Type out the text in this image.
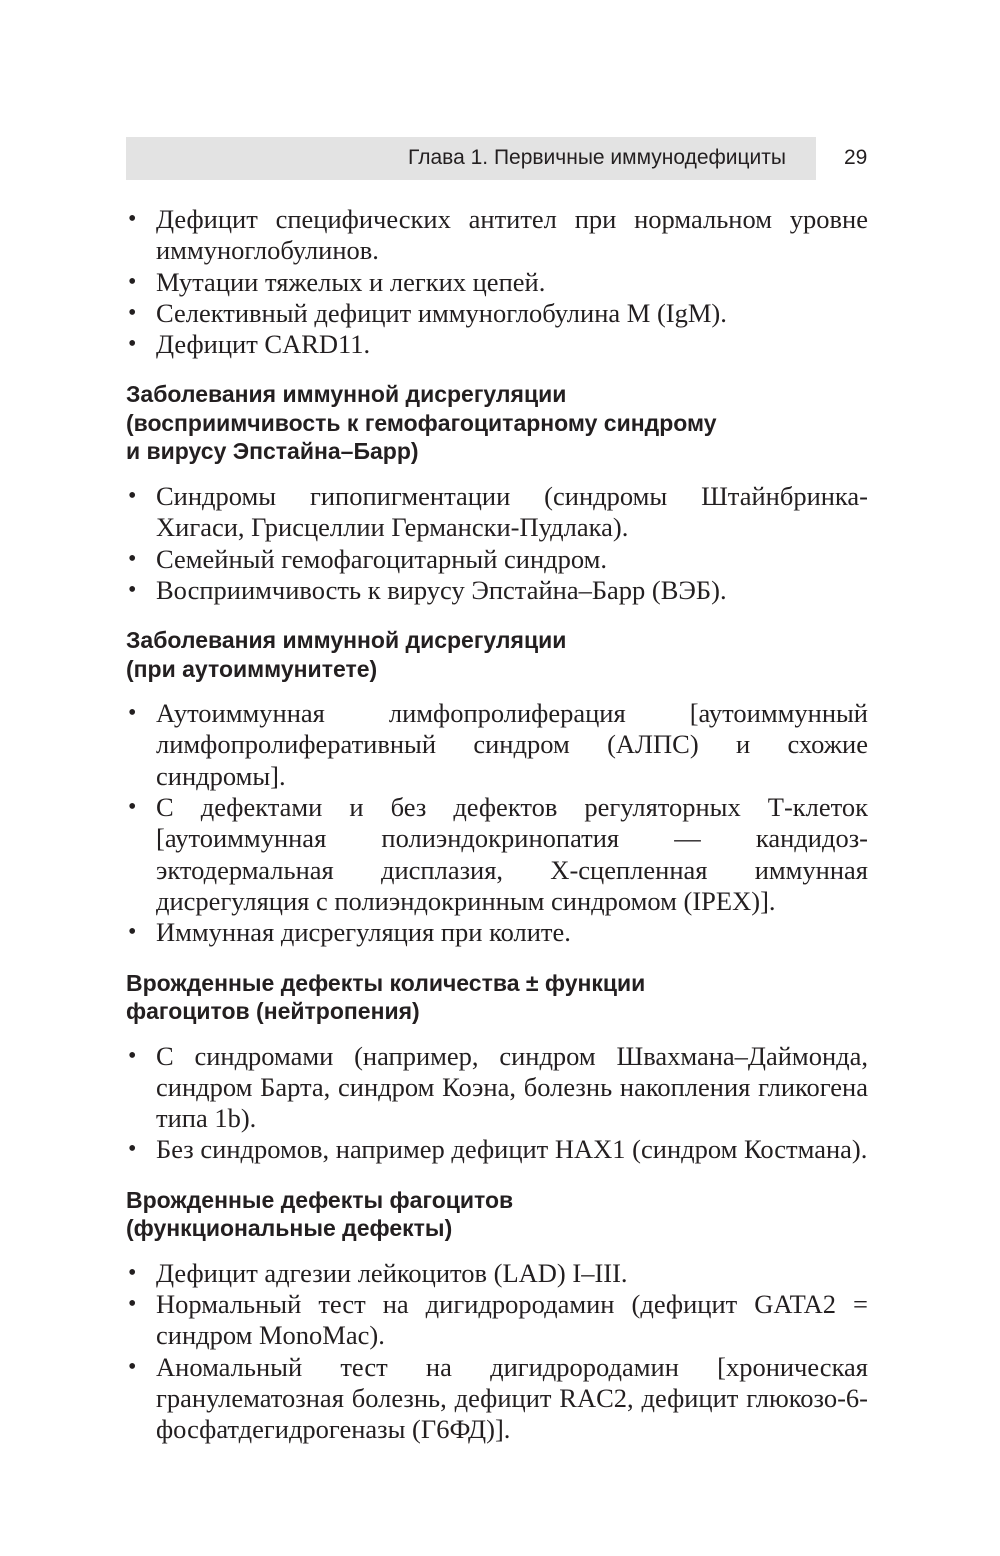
Глава 1. Первичные иммунодефициты	29
• Дефицит специфических антител при нормальном уровне иммуноглобулинов.
• Мутации тяжелых и легких цепей.
• Селективный дефицит иммуноглобулина M (IgM).
• Дефицит CARD11.
Заболевания иммунной дисрегуляции
(восприимчивость к гемофагоцитарному синдрому
и вирусу Эпстайна–Барр)
• Синдромы гипопигментации (синдромы Штайнбринка-Хигаси, Грисцеллии Германски-Пудлака).
• Семейный гемофагоцитарный синдром.
• Восприимчивость к вирусу Эпстайна–Барр (ВЭБ).
Заболевания иммунной дисрегуляции
(при аутоиммунитете)
• Аутоиммунная лимфопролиферация [аутоиммунный лимфопролиферативный синдром (АЛПС) и схожие синдромы].
• С дефектами и без дефектов регуляторных Т-клеток [аутоиммунная полиэндокринопатия — кандидоз-эктодермальная дисплазия, X-сцепленная иммунная дисрегуляция с полиэндокринным синдромом (IPEX)].
• Иммунная дисрегуляция при колите.
Врожденные дефекты количества ± функции
фагоцитов (нейтропения)
• С синдромами (например, синдром Швахмана–Даймонда, синдром Барта, синдром Коэна, болезнь накопления гликогена типа 1b).
• Без синдромов, например дефицит HAX1 (синдром Костмана).
Врожденные дефекты фагоцитов
(функциональные дефекты)
• Дефицит адгезии лейкоцитов (LAD) I–III.
• Нормальный тест на дигидрородамин (дефицит GATA2 = синдром MonoMac).
• Аномальный тест на дигидрородамин [хроническая гранулематозная болезнь, дефицит RAC2, дефицит глюкозо-6-фосфатдегидрогеназы (Г6ФД)].
